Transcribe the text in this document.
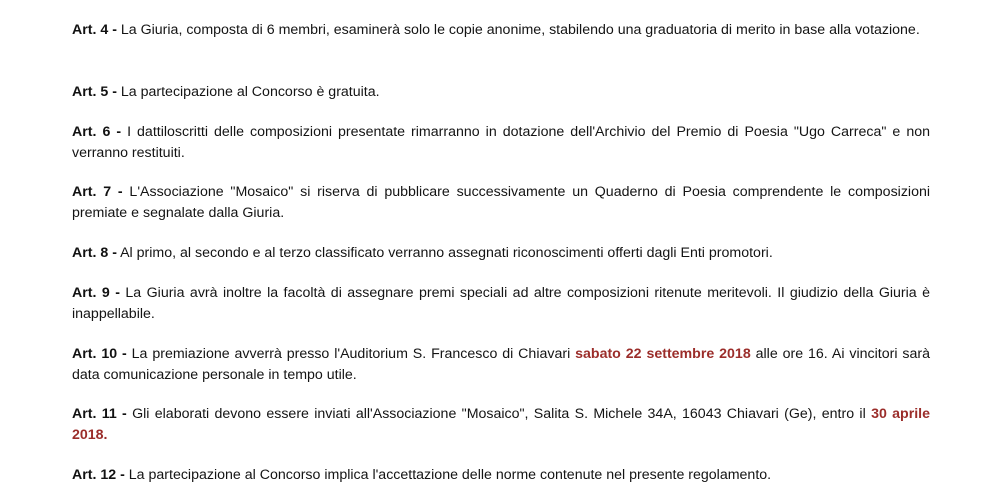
Art. 4 - La Giuria, composta di 6 membri, esaminerà solo le copie anonime, stabilendo una graduatoria di merito in base alla votazione.

Art. 5 - La partecipazione al Concorso è gratuita.

Art. 6 - I dattiloscritti delle composizioni presentate rimarranno in dotazione dell'Archivio del Premio di Poesia "Ugo Carreca" e non verranno restituiti.

Art. 7 - L'Associazione "Mosaico" si riserva di pubblicare successivamente un Quaderno di Poesia comprendente le composizioni premiate e segnalate dalla Giuria.

Art. 8 - Al primo, al secondo e al terzo classificato verranno assegnati riconoscimenti offerti dagli Enti promotori.

Art. 9 - La Giuria avrà inoltre la facoltà di assegnare premi speciali ad altre composizioni ritenute meritevoli. Il giudizio della Giuria è inappellabile.

Art. 10 - La premiazione avverrà presso l'Auditorium S. Francesco di Chiavari sabato 22 settembre 2018 alle ore 16. Ai vincitori sarà data comunicazione personale in tempo utile.

Art. 11 - Gli elaborati devono essere inviati all'Associazione "Mosaico", Salita S. Michele 34A, 16043 Chiavari (Ge), entro il 30 aprile 2018.

Art. 12 - La partecipazione al Concorso implica l'accettazione delle norme contenute nel presente regolamento.
